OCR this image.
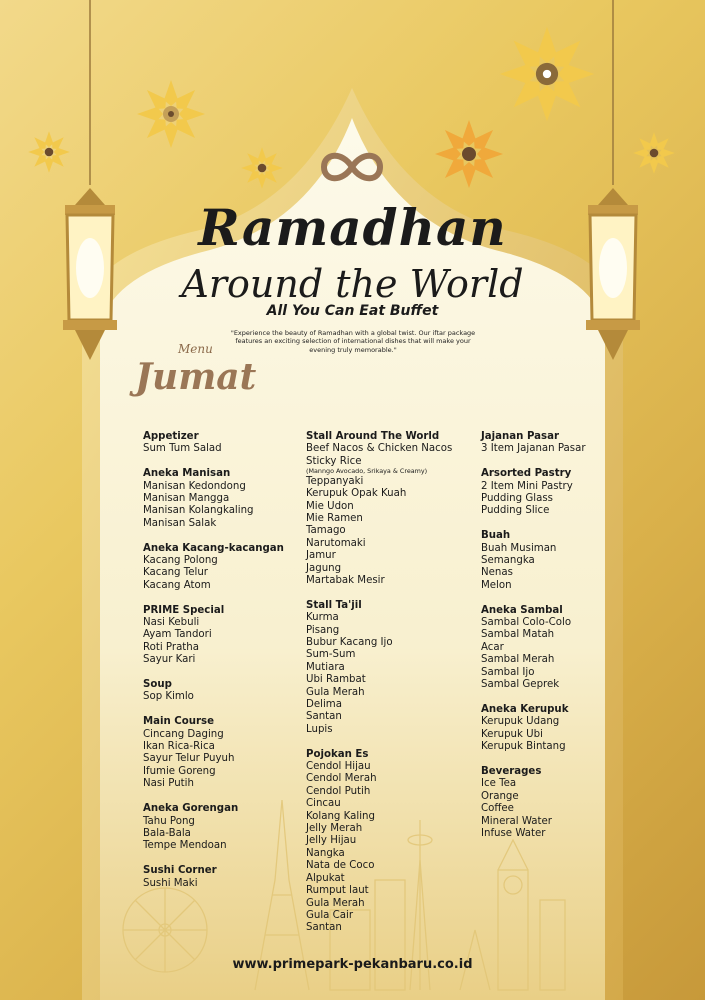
Ramadhan
Around the World
All You Can Eat Buffet
"Experience the beauty of Ramadhan with a global twist. Our iftar package features an exciting selection of international dishes that will make your evening truly memorable."
Menu
Jumat
Appetizer
Sum Tum Salad
Aneka Manisan
Manisan Kedondong
Manisan Mangga
Manisan Kolangkaling
Manisan Salak
Aneka Kacang-kacangan
Kacang Polong
Kacang Telur
Kacang Atom
PRIME Special
Nasi Kebuli
Ayam Tandori
Roti Pratha
Sayur Kari
Soup
Sop Kimlo
Main Course
Cincang Daging
Ikan Rica-Rica
Sayur Telur Puyuh
Ifumie Goreng
Nasi Putih
Aneka Gorengan
Tahu Pong
Bala-Bala
Tempe Mendoan
Sushi Corner
Sushi Maki
Stall Around The World
Beef Nacos & Chicken Nacos
Sticky Rice
(Manngo Avocado, Srikaya & Creamy)
Teppanyaki
Kerupuk Opak Kuah
Mie Udon
Mie Ramen
Tamago
Narutomaki
Jamur
Jagung
Martabak Mesir
Stall Ta'jil
Kurma
Pisang
Bubur Kacang Ijo
Sum-Sum
Mutiara
Ubi Rambat
Gula Merah
Delima
Santan
Lupis
Pojokan Es
Cendol Hijau
Cendol Merah
Cendol Putih
Cincau
Kolang Kaling
Jelly Merah
Jelly Hijau
Nangka
Nata de Coco
Alpukat
Rumput laut
Gula Merah
Gula Cair
Santan
Jajanan Pasar
3 Item Jajanan Pasar
Arsorted Pastry
2 Item Mini Pastry
Pudding Glass
Pudding Slice
Buah
Buah Musiman
Semangka
Nenas
Melon
Aneka Sambal
Sambal Colo-Colo
Sambal Matah
Acar
Sambal Merah
Sambal Ijo
Sambal Geprek
Aneka Kerupuk
Kerupuk Udang
Kerupuk Ubi
Kerupuk Bintang
Beverages
Ice Tea
Orange
Coffee
Mineral Water
Infuse Water
www.primepark-pekanbaru.co.id
